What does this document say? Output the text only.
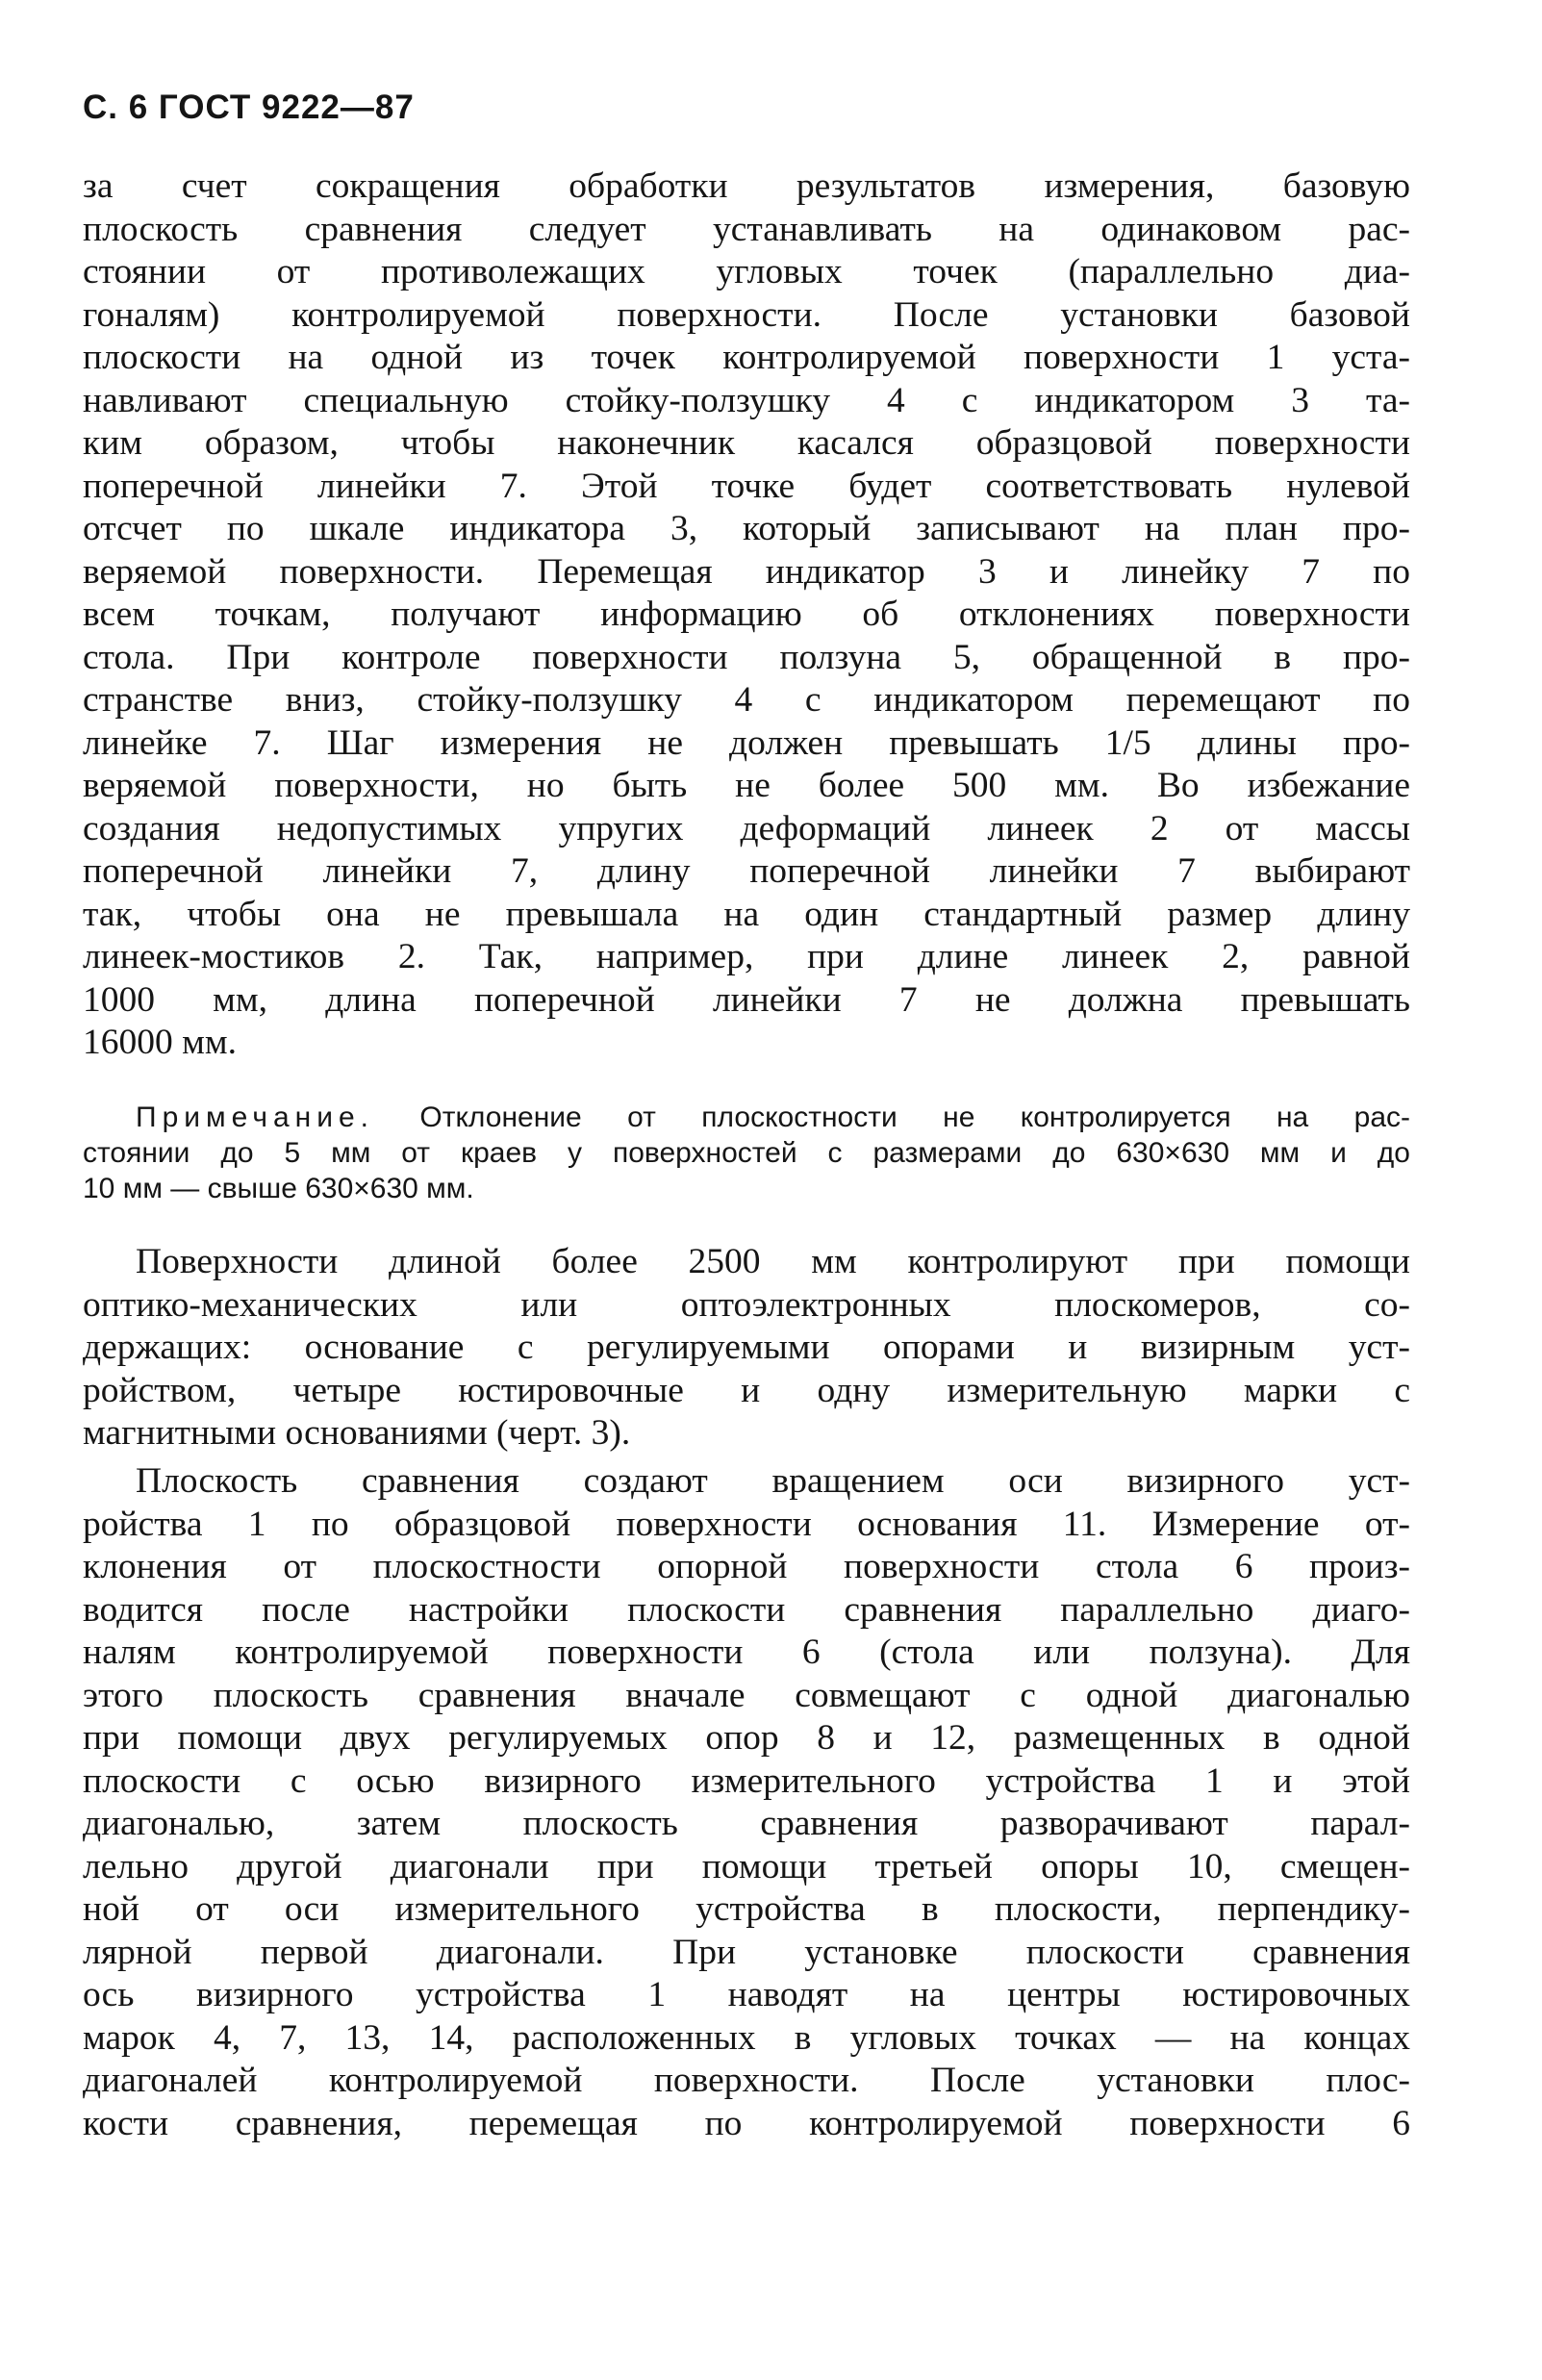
С. 6 ГОСТ 9222—87
за счет сокращения обработки результатов измерения, базовую
плоскость сравнения следует устанавливать на одинаковом рас-
стоянии от противолежащих угловых точек (параллельно диа-
гоналям) контролируемой поверхности. После установки базовой
плоскости на одной из точек контролируемой поверхности 1 уста-
навливают специальную стойку-ползушку 4 с индикатором 3 та-
ким образом, чтобы наконечник касался образцовой поверхности
поперечной линейки 7. Этой точке будет соответствовать нулевой
отсчет по шкале индикатора 3, который записывают на план про-
веряемой поверхности. Перемещая индикатор 3 и линейку 7 по
всем точкам, получают информацию об отклонениях поверхности
стола. При контроле поверхности ползуна 5, обращенной в про-
странстве вниз, стойку-ползушку 4 с индикатором перемещают по
линейке 7. Шаг измерения не должен превышать 1/5 длины про-
веряемой поверхности, но быть не более 500 мм. Во избежание
создания недопустимых упругих деформаций линеек 2 от массы
поперечной линейки 7, длину поперечной линейки 7 выбирают
так, чтобы она не превышала на один стандартный размер длину
линеек-мостиков 2. Так, например, при длине линеек 2, равной
1000 мм, длина поперечной линейки 7 не должна превышать
16000 мм.
Примечание. Отклонение от плоскостности не контролируется на рас-
стоянии до 5 мм от краев у поверхностей с размерами до 630×630 мм и до
10 мм — свыше 630×630 мм.
Поверхности длиной более 2500 мм контролируют при помощи
оптико-механических или оптоэлектронных плоскомеров, со-
держащих: основание с регулируемыми опорами и визирным уст-
ройством, четыре юстировочные и одну измерительную марки с
магнитными основаниями (черт. 3).
Плоскость сравнения создают вращением оси визирного уст-
ройства 1 по образцовой поверхности основания 11. Измерение от-
клонения от плоскостности опорной поверхности стола 6 произ-
водится после настройки плоскости сравнения параллельно диаго-
налям контролируемой поверхности 6 (стола или ползуна). Для
этого плоскость сравнения вначале совмещают с одной диагональю
при помощи двух регулируемых опор 8 и 12, размещенных в одной
плоскости с осью визирного измерительного устройства 1 и этой
диагональю, затем плоскость сравнения разворачивают парал-
лельно другой диагонали при помощи третьей опоры 10, смещен-
ной от оси измерительного устройства в плоскости, перпендику-
лярной первой диагонали. При установке плоскости сравнения
ось визирного устройства 1 наводят на центры юстировочных
марок 4, 7, 13, 14, расположенных в угловых точках — на концах
диагоналей контролируемой поверхности. После установки плос-
кости сравнения, перемещая по контролируемой поверхности 6
